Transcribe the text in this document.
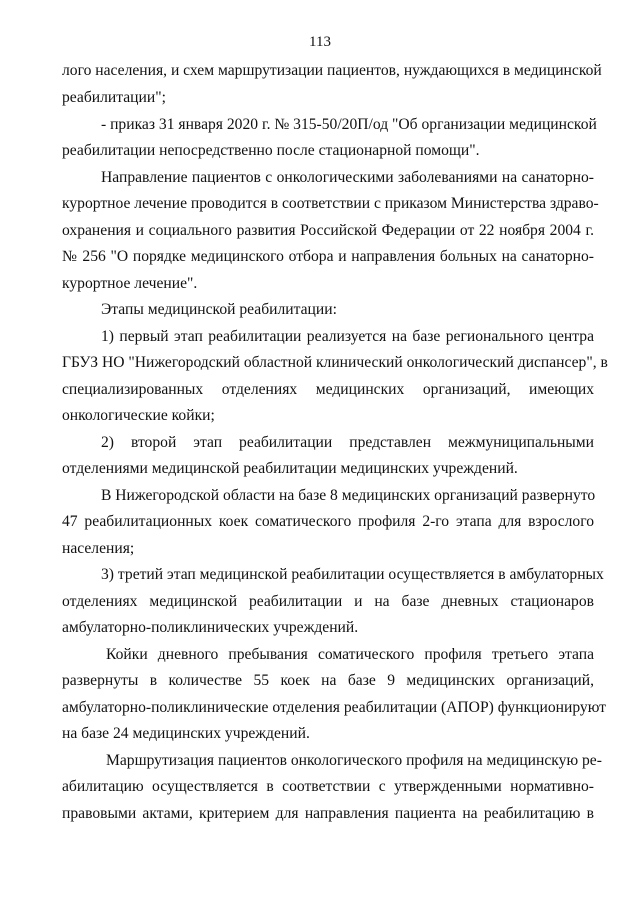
113
лого населения, и схем маршрутизации пациентов, нуждающихся в медицинской
реабилитации";
- приказ 31 января 2020 г. № 315-50/20П/од "Об организации медицинской
реабилитации непосредственно после стационарной помощи".
Направление пациентов с онкологическими заболеваниями на санаторно-
курортное лечение проводится в соответствии с приказом Министерства здраво-
охранения и социального развития Российской Федерации от 22 ноября 2004 г.
№ 256 "О порядке медицинского отбора и направления больных на санаторно-
курортное лечение".
Этапы медицинской реабилитации:
1) первый этап реабилитации реализуется на базе регионального центра
ГБУЗ НО "Нижегородский областной клинический онкологический диспансер", в
специализированных отделениях медицинских организаций, имеющих
онкологические койки;
2) второй этап реабилитации представлен межмуниципальными
отделениями медицинской реабилитации медицинских учреждений.
В Нижегородской области на базе 8 медицинских организаций развернуто
47 реабилитационных коек соматического профиля 2-го этапа для взрослого
населения;
3) третий этап медицинской реабилитации осуществляется в амбулаторных
отделениях медицинской реабилитации и на базе дневных стационаров
амбулаторно-поликлинических учреждений.
Койки дневного пребывания соматического профиля третьего этапа
развернуты в количестве 55 коек на базе 9 медицинских организаций,
амбулаторно-поликлинические отделения реабилитации (АПОР) функционируют
на базе 24 медицинских учреждений.
Маршрутизация пациентов онкологического профиля на медицинскую ре-
абилитацию осуществляется в соответствии с утвержденными нормативно-
правовыми актами, критерием для направления пациента на реабилитацию в
